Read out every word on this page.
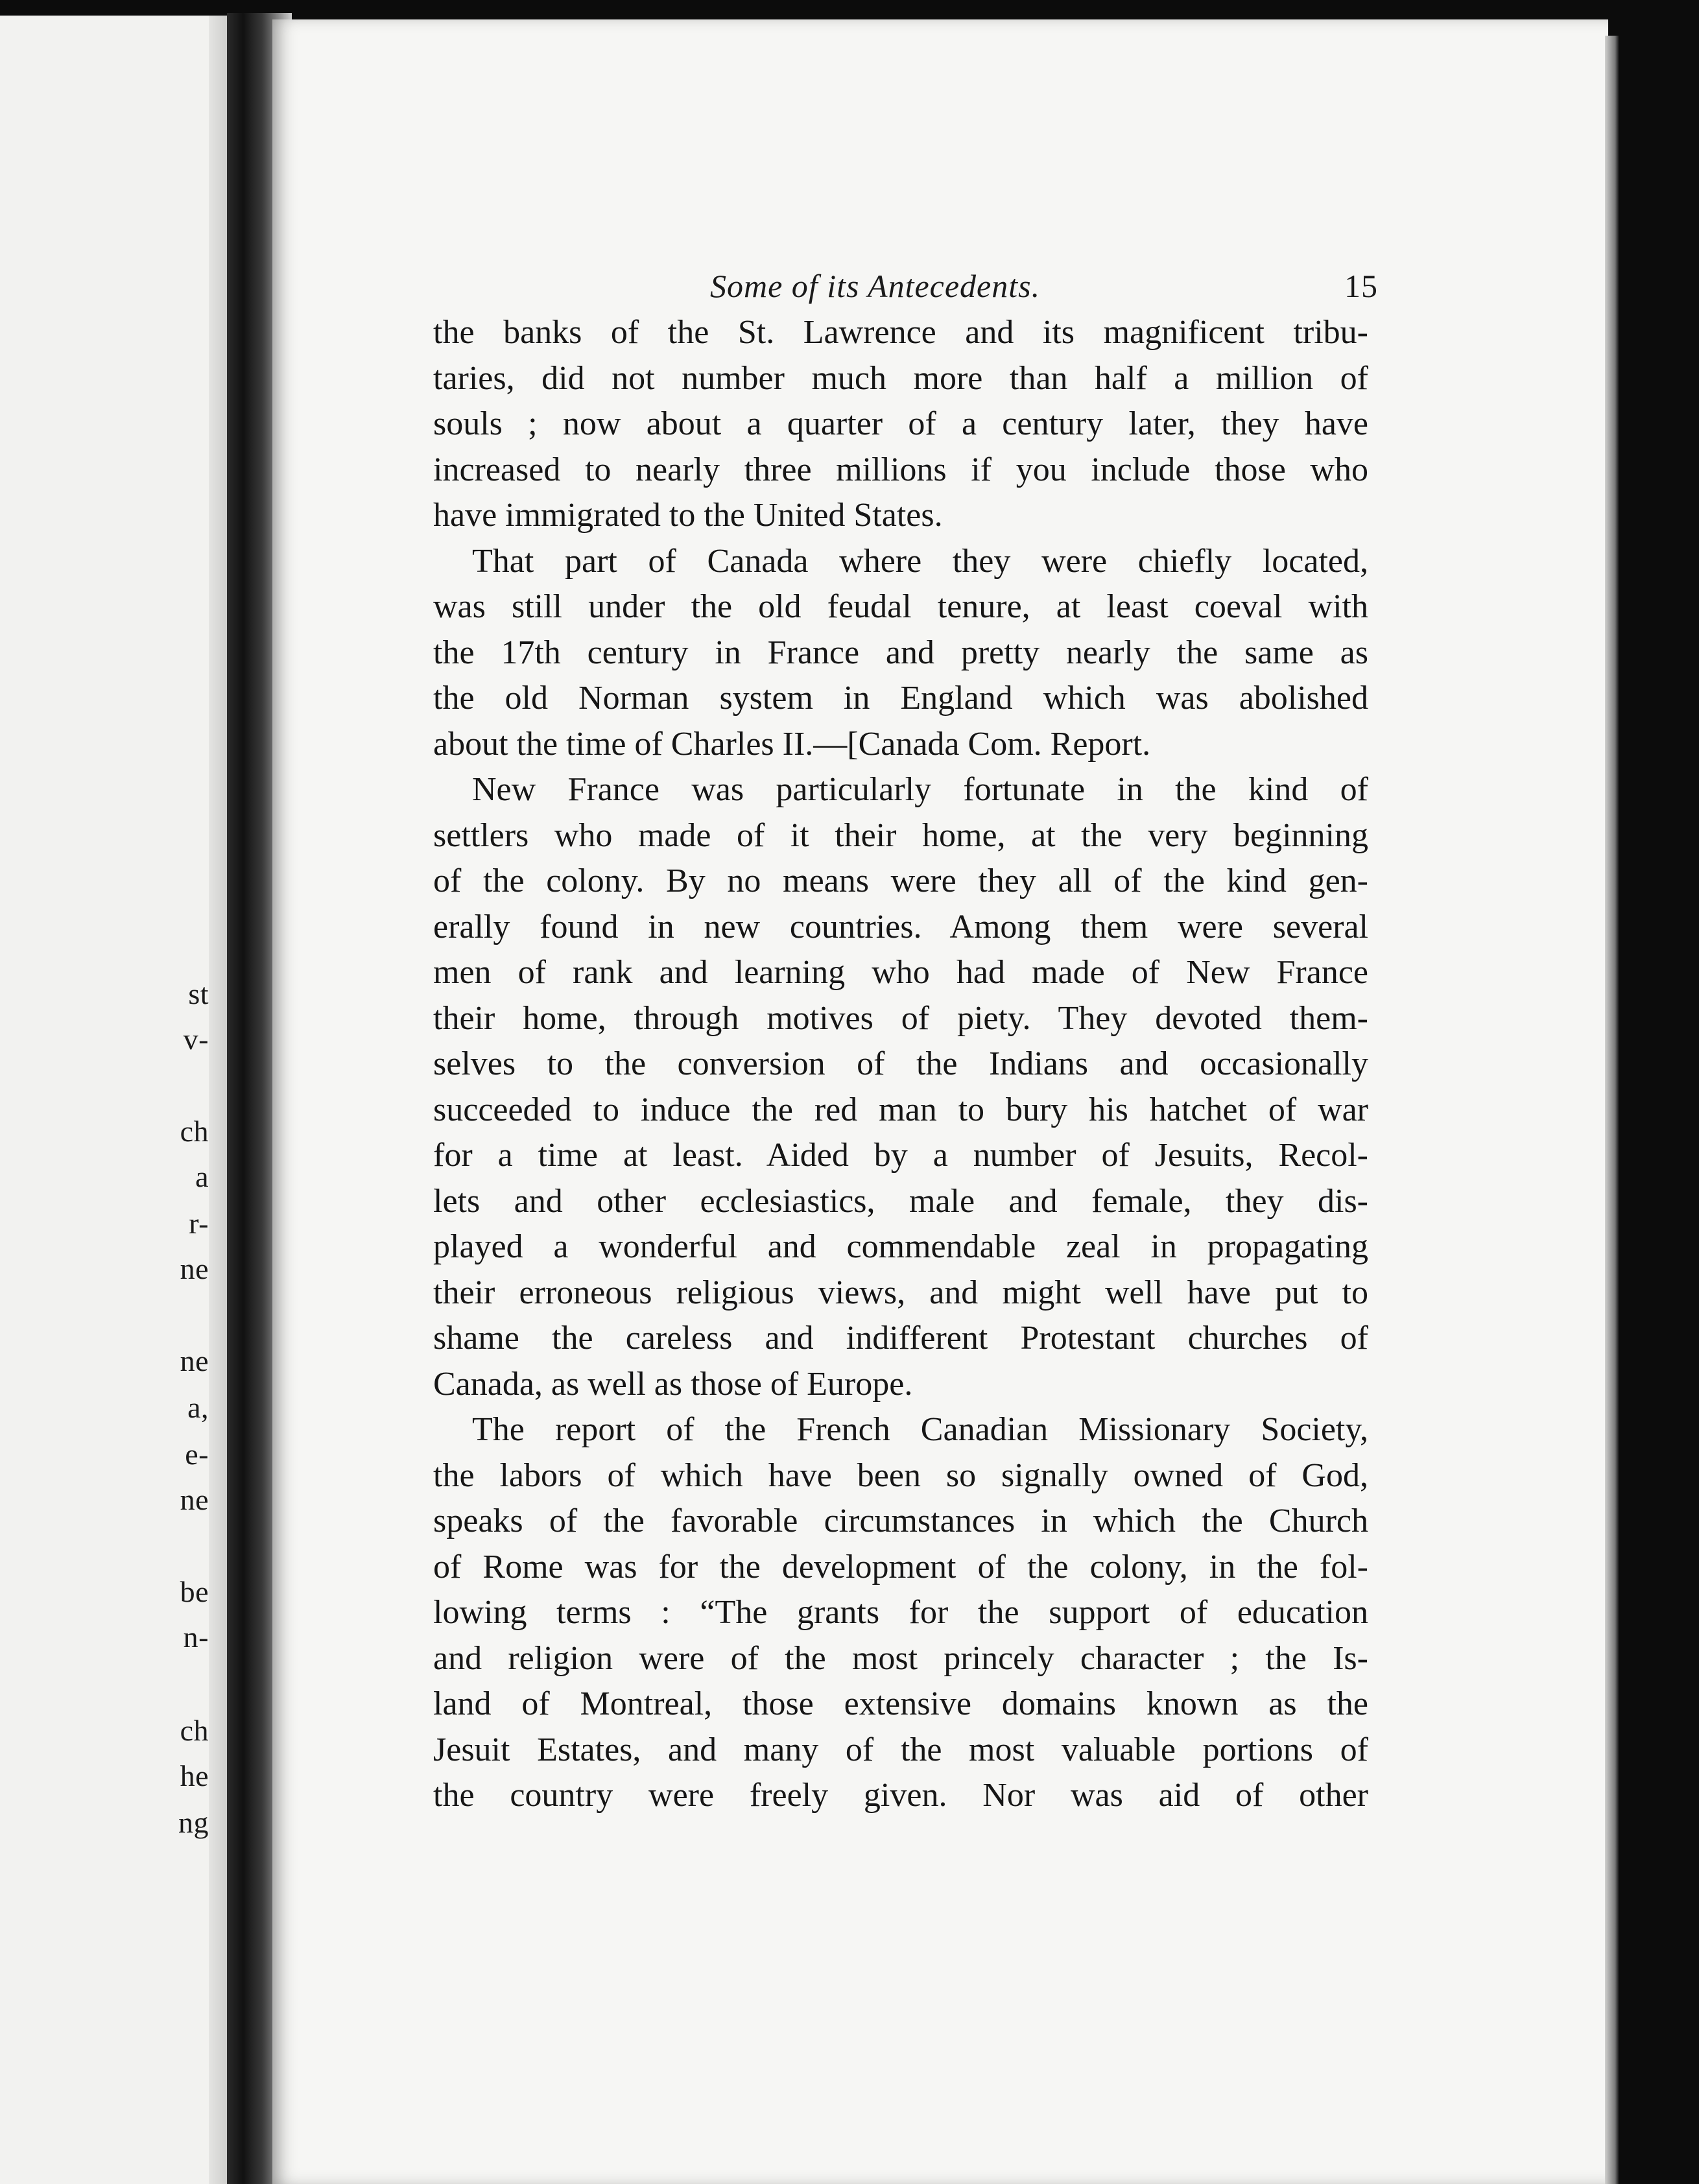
st
v-
ch
a
r-
ne
ne
a,
e-
ne
be
n-
ch
he
ng
Some of its Antecedents.	15
the banks of the St. Lawrence and its magnificent tribu-
taries, did not number much more than half a million of
souls ; now about a quarter of a century later, they have
increased to nearly three millions if you include those who
have immigrated to the United States.
That part of Canada where they were chiefly located,
was still under the old feudal tenure, at least coeval with
the 17th century in France and pretty nearly the same as
the old Norman system in England which was abolished
about the time of Charles II.—[Canada Com. Report.
New France was particularly fortunate in the kind of
settlers who made of it their home, at the very beginning
of the colony. By no means were they all of the kind gen-
erally found in new countries. Among them were several
men of rank and learning who had made of New France
their home, through motives of piety. They devoted them-
selves to the conversion of the Indians and occasionally
succeeded to induce the red man to bury his hatchet of war
for a time at least. Aided by a number of Jesuits, Recol-
lets and other ecclesiastics, male and female, they dis-
played a wonderful and commendable zeal in propagating
their erroneous religious views, and might well have put to
shame the careless and indifferent Protestant churches of
Canada, as well as those of Europe.
The report of the French Canadian Missionary Society,
the labors of which have been so signally owned of God,
speaks of the favorable circumstances in which the Church
of Rome was for the development of the colony, in the fol-
lowing terms : “The grants for the support of education
and religion were of the most princely character ; the Is-
land of Montreal, those extensive domains known as the
Jesuit Estates, and many of the most valuable portions of
the country were freely given. Nor was aid of other
